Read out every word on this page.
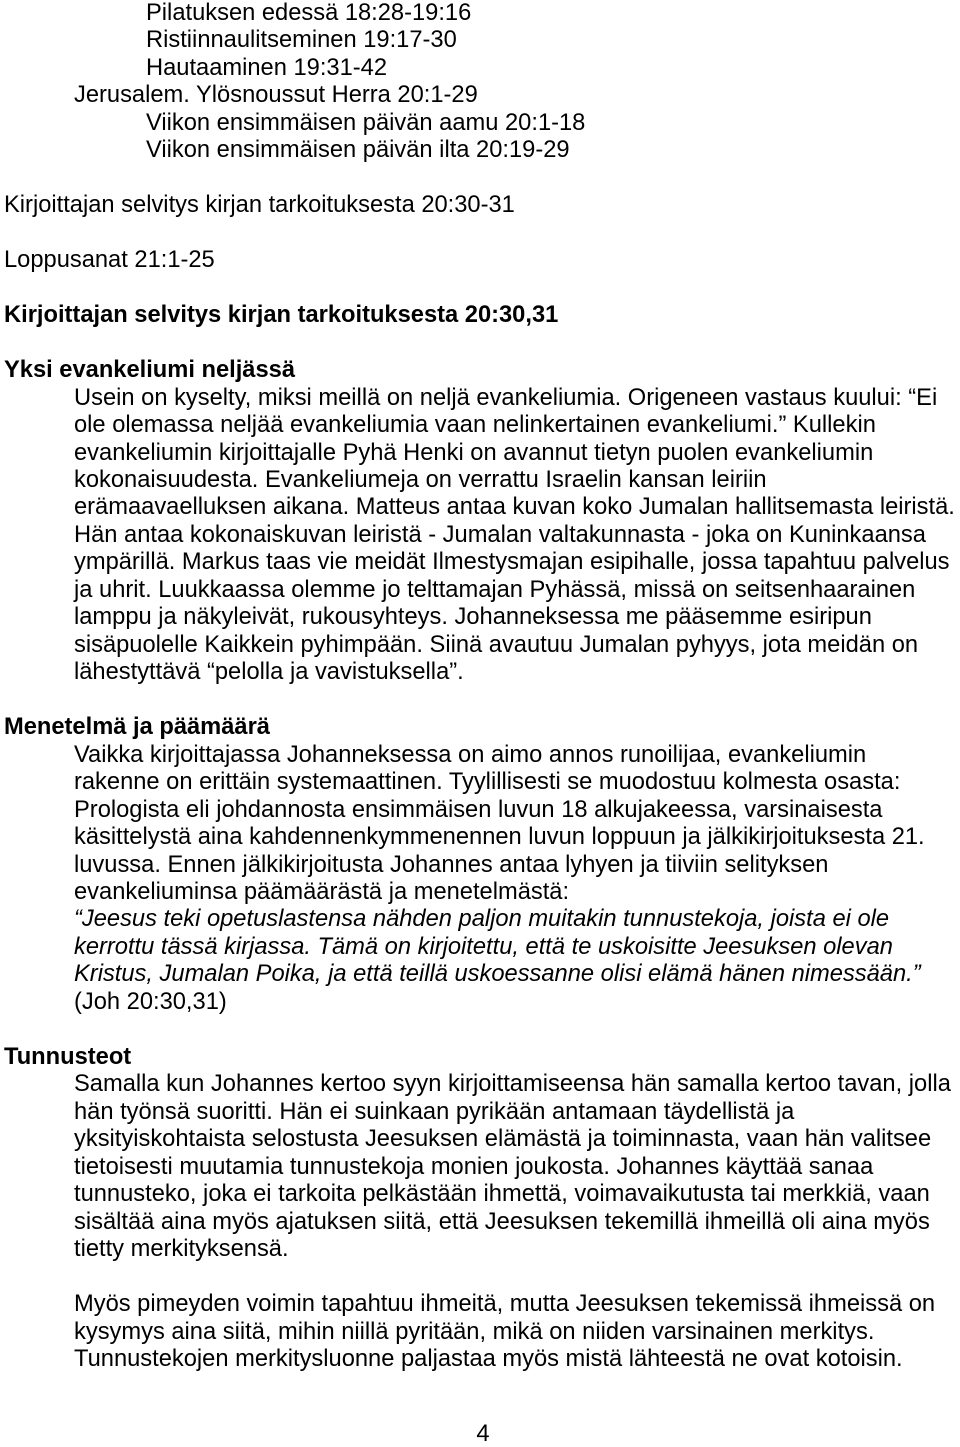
Pilatuksen edessä 18:28-19:16
Ristiinnaulitseminen 19:17-30
Hautaaminen 19:31-42
Jerusalem. Ylösnoussut Herra 20:1-29
Viikon ensimmäisen päivän aamu 20:1-18
Viikon ensimmäisen päivän ilta 20:19-29
Kirjoittajan selvitys kirjan tarkoituksesta 20:30-31
Loppusanat 21:1-25
Kirjoittajan selvitys kirjan tarkoituksesta 20:30,31
Yksi evankeliumi neljässä
Usein on kyselty, miksi meillä on neljä evankeliumia. Origeneen vastaus kuului: “Ei
ole olemassa neljää evankeliumia vaan nelinkertainen evankeliumi.” Kullekin
evankeliumin kirjoittajalle Pyhä Henki on avannut tietyn puolen evankeliumin
kokonaisuudesta. Evankeliumeja on verrattu Israelin kansan leiriin
erämaavaelluksen aikana. Matteus antaa kuvan koko Jumalan hallitsemasta leiristä.
Hän antaa kokonaiskuvan leiristä - Jumalan valtakunnasta - joka on Kuninkaansa
ympärillä. Markus taas vie meidät Ilmestysmajan esipihalle, jossa tapahtuu palvelus
ja uhrit. Luukkaassa olemme jo telttamajan Pyhässä, missä on seitsenhaarainen
lamppu ja näkyleivät, rukousyhteys. Johanneksessa me pääsemme esiripun
sisäpuolelle Kaikkein pyhimpään. Siinä avautuu Jumalan pyhyys, jota meidän on
lähestyttävä “pelolla ja vavistuksella”.
Menetelmä ja päämäärä
Vaikka kirjoittajassa Johanneksessa on aimo annos runoilijaa, evankeliumin
rakenne on erittäin systemaattinen. Tyylillisesti se muodostuu kolmesta osasta:
Prologista eli johdannosta ensimmäisen luvun 18 alkujakeessa, varsinaisesta
käsittelystä aina kahdennenkymmenennen luvun loppuun ja jälkikirjoituksesta 21.
luvussa. Ennen jälkikirjoitusta Johannes antaa lyhyen ja tiiviin selityksen
evankeliuminsa päämäärästä ja menetelmästä:
“Jeesus teki opetuslastensa nähden paljon muitakin tunnustekoja, joista ei ole
kerrottu tässä kirjassa. Tämä on kirjoitettu, että te uskoisitte Jeesuksen olevan
Kristus, Jumalan Poika, ja että teillä uskoessanne olisi elämä hänen nimessään.”
(Joh 20:30,31)
Tunnusteot
Samalla kun Johannes kertoo syyn kirjoittamiseensa hän samalla kertoo tavan, jolla
hän työnsä suoritti. Hän ei suinkaan pyrikään antamaan täydellistä ja
yksityiskohtaista selostusta Jeesuksen elämästä ja toiminnasta, vaan hän valitsee
tietoisesti muutamia tunnustekoja monien joukosta. Johannes käyttää sanaa
tunnusteko, joka ei tarkoita pelkästään ihmettä, voimavaikutusta tai merkkiä, vaan
sisältää aina myös ajatuksen siitä, että Jeesuksen tekemillä ihmeillä oli aina myös
tietty merkityksensä.
Myös pimeyden voimin tapahtuu ihmeitä, mutta Jeesuksen tekemissä ihmeissä on
kysymys aina siitä, mihin niillä pyritään, mikä on niiden varsinainen merkitys.
Tunnustekojen merkitysluonne paljastaa myös mistä lähteestä ne ovat kotoisin.
4
